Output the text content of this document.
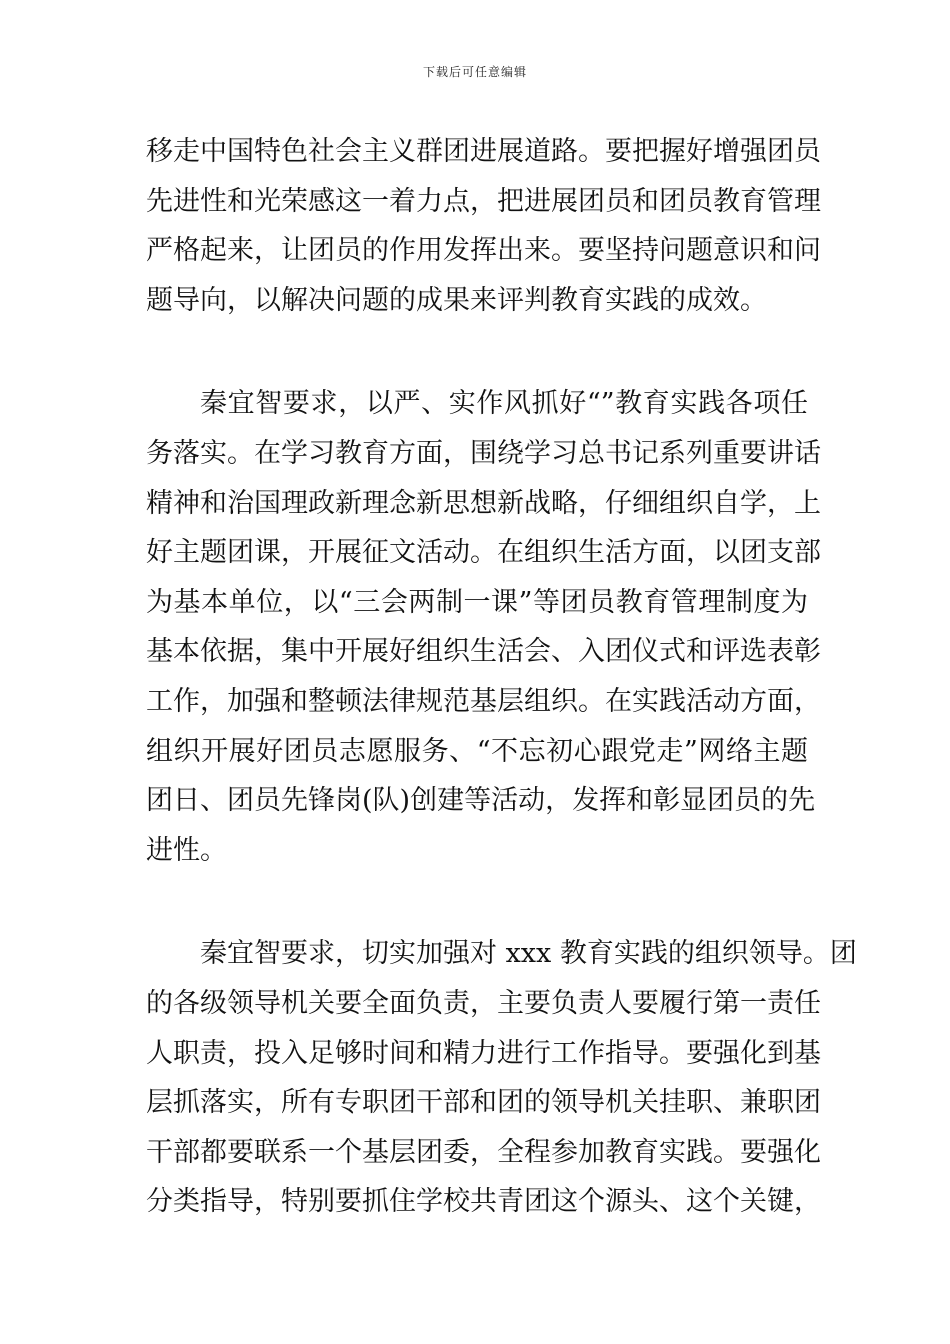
下载后可任意编辑
移走中国特色社会主义群团进展道路。要把握好增强团员
先进性和光荣感这一着力点，把进展团员和团员教育管理
严格起来，让团员的作用发挥出来。要坚持问题意识和问
题导向，以解决问题的成果来评判教育实践的成效。
秦宜智要求，以严、实作风抓好“”教育实践各项任
务落实。在学习教育方面，围绕学习总书记系列重要讲话
精神和治国理政新理念新思想新战略，仔细组织自学，上
好主题团课，开展征文活动。在组织生活方面，以团支部
为基本单位，以“三会两制一课”等团员教育管理制度为
基本依据，集中开展好组织生活会、入团仪式和评选表彰
工作，加强和整顿法律规范基层组织。在实践活动方面，
组织开展好团员志愿服务、“不忘初心跟党走”网络主题
团日、团员先锋岗(队)创建等活动，发挥和彰显团员的先
进性。
秦宜智要求，切实加强对 xxx 教育实践的组织领导。团
的各级领导机关要全面负责，主要负责人要履行第一责任
人职责，投入足够时间和精力进行工作指导。要强化到基
层抓落实，所有专职团干部和团的领导机关挂职、兼职团
干部都要联系一个基层团委，全程参加教育实践。要强化
分类指导，特别要抓住学校共青团这个源头、这个关键，
